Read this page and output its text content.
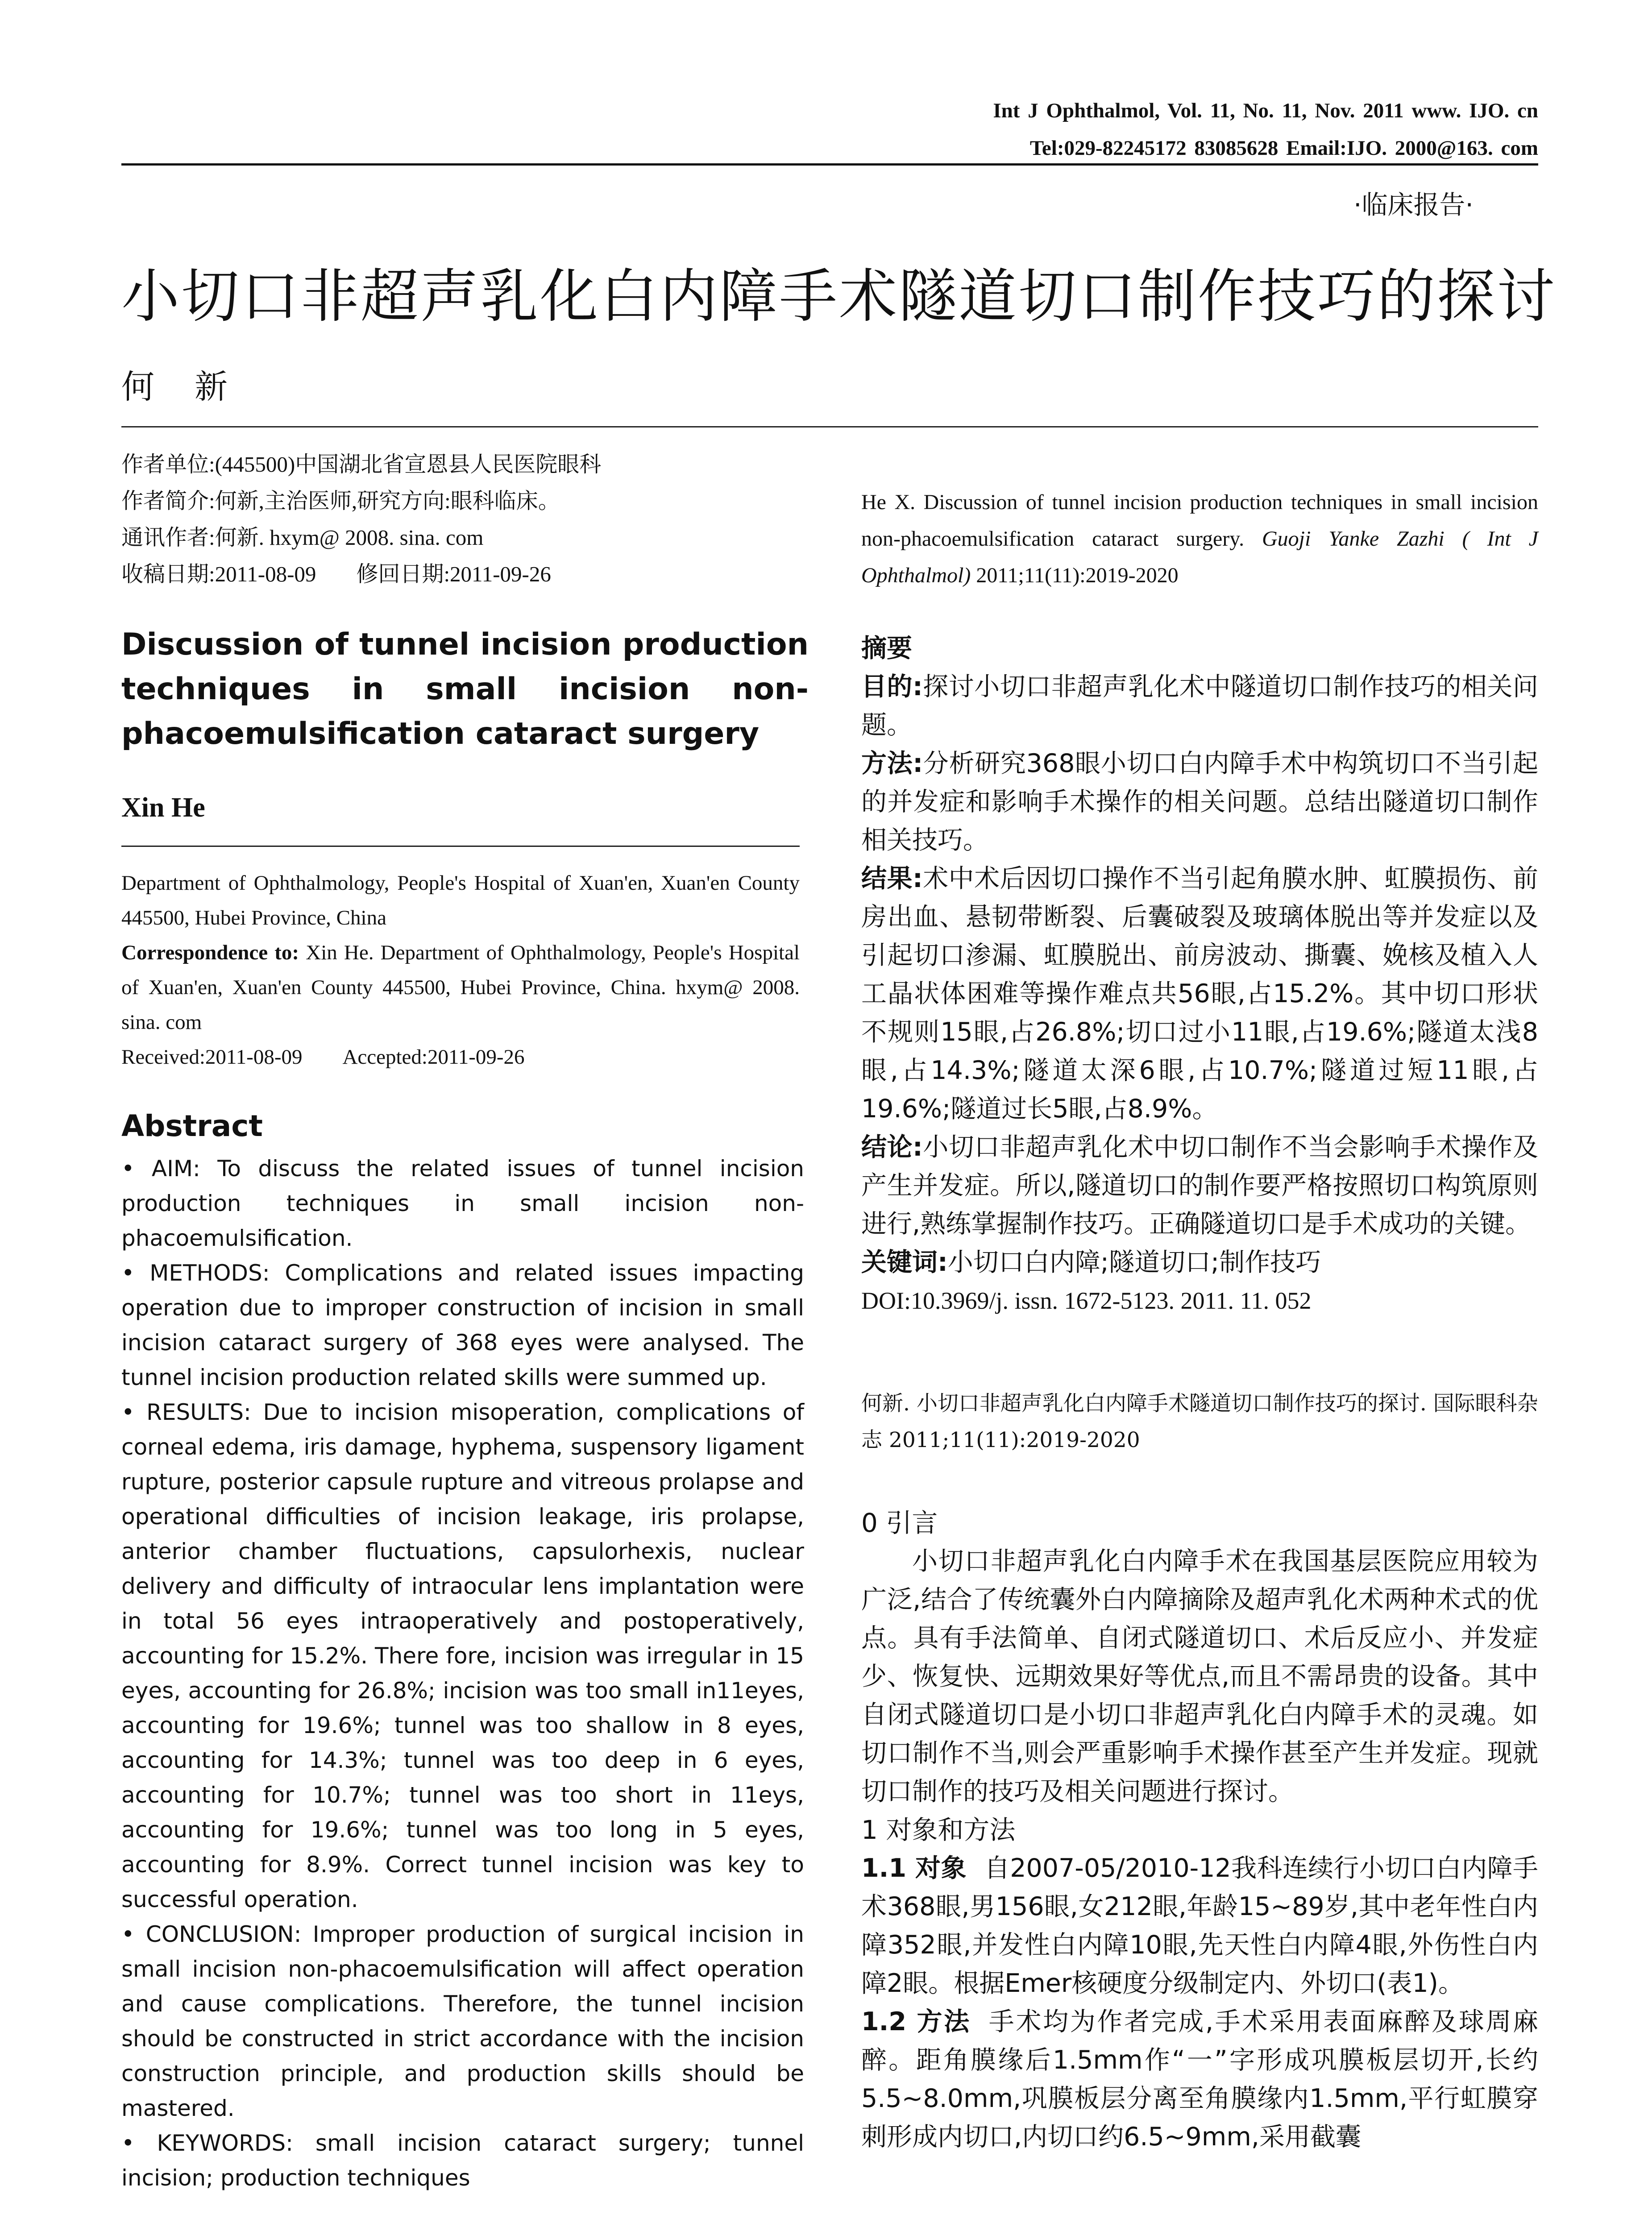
Int J Ophthalmol, Vol. 11, No. 11, Nov. 2011 www. IJO. cn
Tel:029-82245172 83085628 Email:IJO. 2000@163. com
·临床报告·
小切口非超声乳化白内障手术隧道切口制作技巧的探讨
何新
作者单位:(445500)中国湖北省宣恩县人民医院眼科
作者简介:何新,主治医师,研究方向:眼科临床。
通讯作者:何新. hxym@ 2008. sina. com
收稿日期:2011-08-09 修回日期:2011-09-26
He X. Discussion of tunnel incision production techniques in small incision non-phacoemulsification cataract surgery. Guoji Yanke Zazhi ( Int J Ophthalmol) 2011;11(11):2019-2020
Discussion of tunnel incision production techniques in small incision non-phacoemulsification cataract surgery
Xin He

Department of Ophthalmology, People's Hospital of Xuan'en, Xuan'en County 445500, Hubei Province, China

Correspondence to: Xin He. Department of Ophthalmology, People's Hospital of Xuan'en, Xuan'en County 445500, Hubei Province, China. hxym@ 2008. sina. com

Received:2011-08-09 Accepted:2011-09-26

Abstract

• AIM: To discuss the related issues of tunnel incision production techniques in small incision non-phacoemulsification.

• METHODS: Complications and related issues impacting operation due to improper construction of incision in small incision cataract surgery of 368 eyes were analysed. The tunnel incision production related skills were summed up.

• RESULTS: Due to incision misoperation, complications of corneal edema, iris damage, hyphema, suspensory ligament rupture, posterior capsule rupture and vitreous prolapse and operational difficulties of incision leakage, iris prolapse, anterior chamber fluctuations, capsulorhexis, nuclear delivery and difficulty of intraocular lens implantation were in total 56 eyes intraoperatively and postoperatively, accounting for 15.2%. There fore, incision was irregular in 15 eyes, accounting for 26.8%; incision was too small in11eyes, accounting for 19.6%; tunnel was too shallow in 8 eyes, accounting for 14.3%; tunnel was too deep in 6 eyes, accounting for 10.7%; tunnel was too short in 11eys, accounting for 19.6%; tunnel was too long in 5 eyes, accounting for 8.9%. Correct tunnel incision was key to successful operation.

• CONCLUSION: Improper production of surgical incision in small incision non-phacoemulsification will affect operation and cause complications. Therefore, the tunnel incision should be constructed in strict accordance with the incision construction principle, and production skills should be mastered.

• KEYWORDS: small incision cataract surgery; tunnel incision; production techniques

摘要

目的:探讨小切口非超声乳化术中隧道切口制作技巧的相关问题。

方法:分析研究368眼小切口白内障手术中构筑切口不当引起的并发症和影响手术操作的相关问题。总结出隧道切口制作相关技巧。

结果:术中术后因切口操作不当引起角膜水肿、虹膜损伤、前房出血、悬韧带断裂、后囊破裂及玻璃体脱出等并发症以及引起切口渗漏、虹膜脱出、前房波动、撕囊、娩核及植入人工晶状体困难等操作难点共56眼,占15.2%。其中切口形状不规则15眼,占26.8%;切口过小11眼,占19.6%;隧道太浅8眼,占14.3%;隧道太深6眼,占10.7%;隧道过短11眼,占19.6%;隧道过长5眼,占8.9%。

结论:小切口非超声乳化术中切口制作不当会影响手术操作及产生并发症。所以,隧道切口的制作要严格按照切口构筑原则进行,熟练掌握制作技巧。正确隧道切口是手术成功的关键。

关键词:小切口白内障;隧道切口;制作技巧

DOI:10.3969/j. issn. 1672-5123. 2011. 11. 052

何新. 小切口非超声乳化白内障手术隧道切口制作技巧的探讨. 国际眼科杂志 2011;11(11):2019-2020

0 引言

小切口非超声乳化白内障手术在我国基层医院应用较为广泛,结合了传统囊外白内障摘除及超声乳化术两种术式的优点。具有手法简单、自闭式隧道切口、术后反应小、并发症少、恢复快、远期效果好等优点,而且不需昂贵的设备。其中自闭式隧道切口是小切口非超声乳化白内障手术的灵魂。如切口制作不当,则会严重影响手术操作甚至产生并发症。现就切口制作的技巧及相关问题进行探讨。

1 对象和方法

1.1 对象 自2007-05/2010-12我科连续行小切口白内障手术368眼,男156眼,女212眼,年龄15~89岁,其中老年性白内障352眼,并发性白内障10眼,先天性白内障4眼,外伤性白内障2眼。根据Emer核硬度分级制定内、外切口(表1)。

1.2 方法 手术均为作者完成,手术采用表面麻醉及球周麻醉。距角膜缘后1.5mm作“一”字形成巩膜板层切开,长约5.5~8.0mm,巩膜板层分离至角膜缘内1.5mm,平行虹膜穿刺形成内切口,内切口约6.5~9mm,采用截囊
